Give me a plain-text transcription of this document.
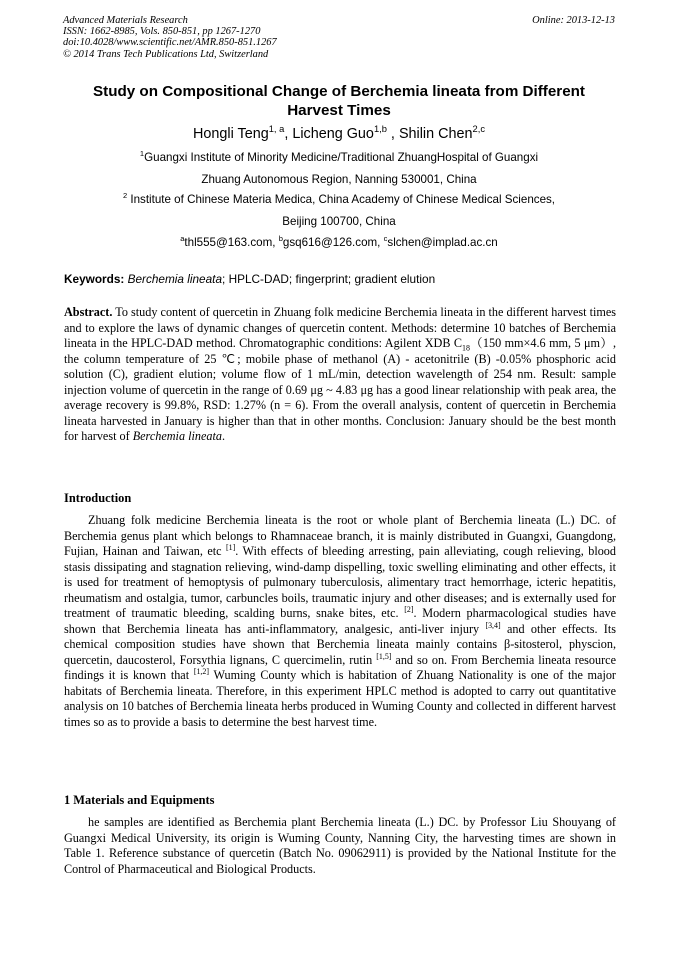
Advanced Materials Research
ISSN: 1662-8985, Vols. 850-851, pp 1267-1270
doi:10.4028/www.scientific.net/AMR.850-851.1267
© 2014 Trans Tech Publications Ltd, Switzerland
Online: 2013-12-13
Study on Compositional Change of Berchemia lineata from Different
Harvest Times
Hongli Teng$^{1, a}$, Licheng Guo$^{1,b}$ , Shilin Chen$^{2,c}$
$^1$Guangxi Institute of Minority Medicine/Traditional ZhuangHospital of Guangxi
Zhuang Autonomous Region, Nanning 530001, China
$^2$ Institute of Chinese Materia Medica, China Academy of Chinese Medical Sciences,
Beijing 100700, China
$^a$thl555@163.com, $^b$gsq616@126.com, $^c$slchen@implad.ac.cn
Keywords: Berchemia lineata; HPLC-DAD; fingerprint; gradient elution
Abstract. To study content of quercetin in Zhuang folk medicine Berchemia lineata in the different harvest times and to explore the laws of dynamic changes of quercetin content. Methods: determine 10 batches of Berchemia lineata in the HPLC-DAD method. Chromatographic conditions: Agilent XDB $C_{18}(150$ mm×4.6 mm, 5 μm）, the column temperature of 25 ℃; mobile phase of methanol (A) - acetonitrile (B) -0.05% phosphoric acid solution (C), gradient elution; volume flow of 1 mL/min, detection wavelength of 254 nm. Result: sample injection volume of quercetin in the range of 0.69 μg ~ 4.83 μg has a good linear relationship with peak area, the average recovery is 99.8%, RSD: 1.27% (n = 6). From the overall analysis, content of quercetin in Berchemia lineata harvested in January is higher than that in other months. Conclusion: January should be the best month for harvest of Berchemia lineata.
Introduction
Zhuang folk medicine Berchemia lineata is the root or whole plant of Berchemia lineata (L.) DC. of Berchemia genus plant which belongs to Rhamnaceae branch, it is mainly distributed in Guangxi, Guangdong, Fujian, Hainan and Taiwan, etc [1]. With effects of bleeding arresting, pain alleviating, cough relieving, blood stasis dissipating and stagnation relieving, wind-damp dispelling, toxic swelling eliminating and other effects, it is used for treatment of hemoptysis of pulmonary tuberculosis, alimentary tract hemorrhage, icteric hepatitis, rheumatism and ostalgia, tumor, carbuncles boils, traumatic injury and other diseases; and is externally used for treatment of traumatic bleeding, scalding burns, snake bites, etc. [2]. Modern pharmacological studies have shown that Berchemia lineata has anti-inflammatory, analgesic, anti-liver injury [3,4] and other effects. Its chemical composition studies have shown that Berchemia lineata mainly contains β-sitosterol, physcion, quercetin, daucosterol, Forsythia lignans, C quercimelin, rutin [1,5] and so on. From Berchemia lineata resource findings it is known that [1,2] Wuming County which is habitation of Zhuang Nationality is one of the major habitats of Berchemia lineata. Therefore, in this experiment HPLC method is adopted to carry out quantitative analysis on 10 batches of Berchemia lineata herbs produced in Wuming County and collected in different harvest times so as to provide a basis to determine the best harvest time.
1 Materials and Equipments
he samples are identified as Berchemia plant Berchemia lineata (L.) DC. by Professor Liu Shouyang of Guangxi Medical University, its origin is Wuming County, Nanning City, the harvesting times are shown in Table 1. Reference substance of quercetin (Batch No. 09062911) is provided by the National Institute for the Control of Pharmaceutical and Biological Products.
